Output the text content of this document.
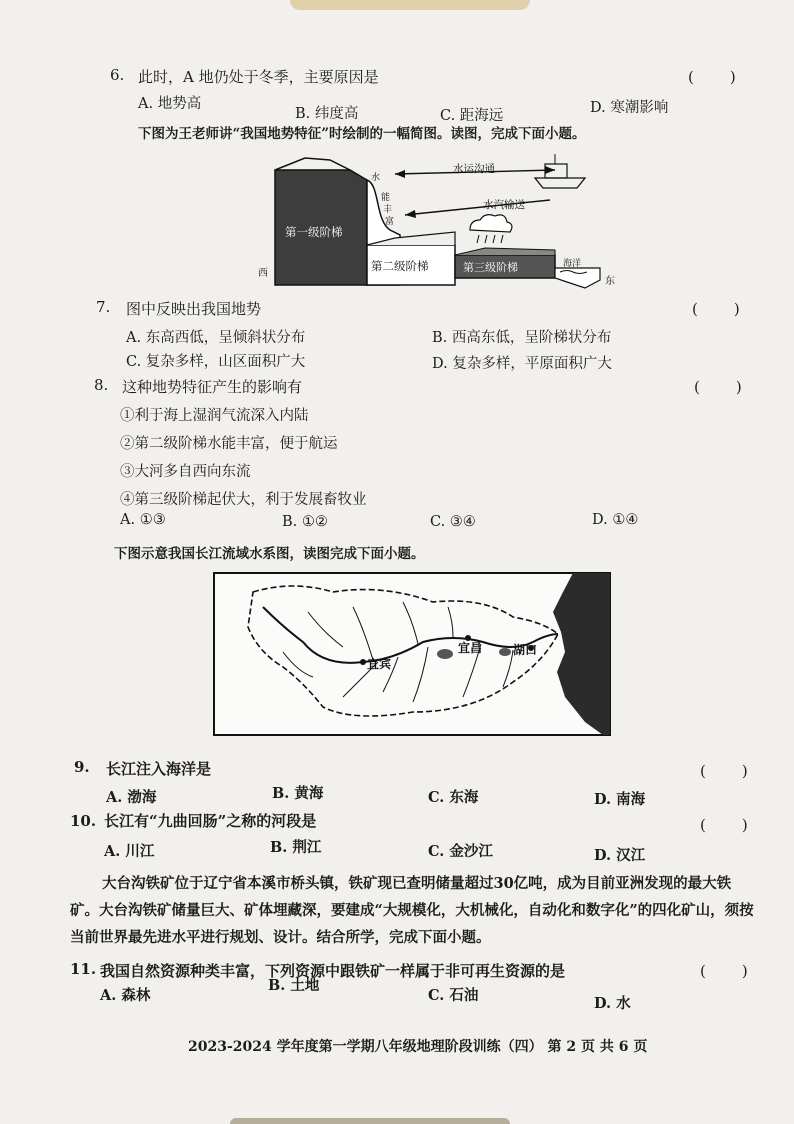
6. 此时，A 地仍处于冬季，主要原因是	(　　)
A. 地势高
B. 纬度高	C. 距海远	D. 寒潮影响
下图为王老师讲“我国地势特征”时绘制的一幅简图。读图，完成下面小题。
第一级阶梯
第二级阶梯	第三级阶梯	海洋
西
东
水
能
丰
富
水运沟通
水汽输送
7. 图中反映出我国地势	(　　)
A. 东高西低，呈倾斜状分布	B. 西高东低，呈阶梯状分布
C. 复杂多样，山区面积广大	D. 复杂多样，平原面积广大
8. 这种地势特征产生的影响有	(　　)
①利于海上湿润气流深入内陆
②第二级阶梯水能丰富，便于航运
③大河多自西向东流
④第三级阶梯起伏大，利于发展畜牧业
A. ①③	B. ①②	C. ③④	D. ①④
下图示意我国长江流域水系图，读图完成下面小题。
宜宾
宜昌	湖口
9. 长江注入海洋是	(　　)
A. 渤海	B. 黄海	C. 东海	D. 南海
10. 长江有“九曲回肠”之称的河段是	(　　)
A. 川江	B. 荆江	C. 金沙江	D. 汉江
大台沟铁矿位于辽宁省本溪市桥头镇，铁矿现已查明储量超过30亿吨，成为目前亚洲发现的最大铁矿。大台沟铁矿储量巨大、矿体埋藏深，要建成“大规模化，大机械化，自动化和数字化”的四化矿山，须按当前世界最先进水平进行规划、设计。结合所学，完成下面小题。
11. 我国自然资源种类丰富，下列资源中跟铁矿一样属于非可再生资源的是	(　　)
A. 森林
B. 土地
C. 石油	D. 水
2023-2024 学年度第一学期八年级地理阶段训练（四） 第 2 页 共 6 页
